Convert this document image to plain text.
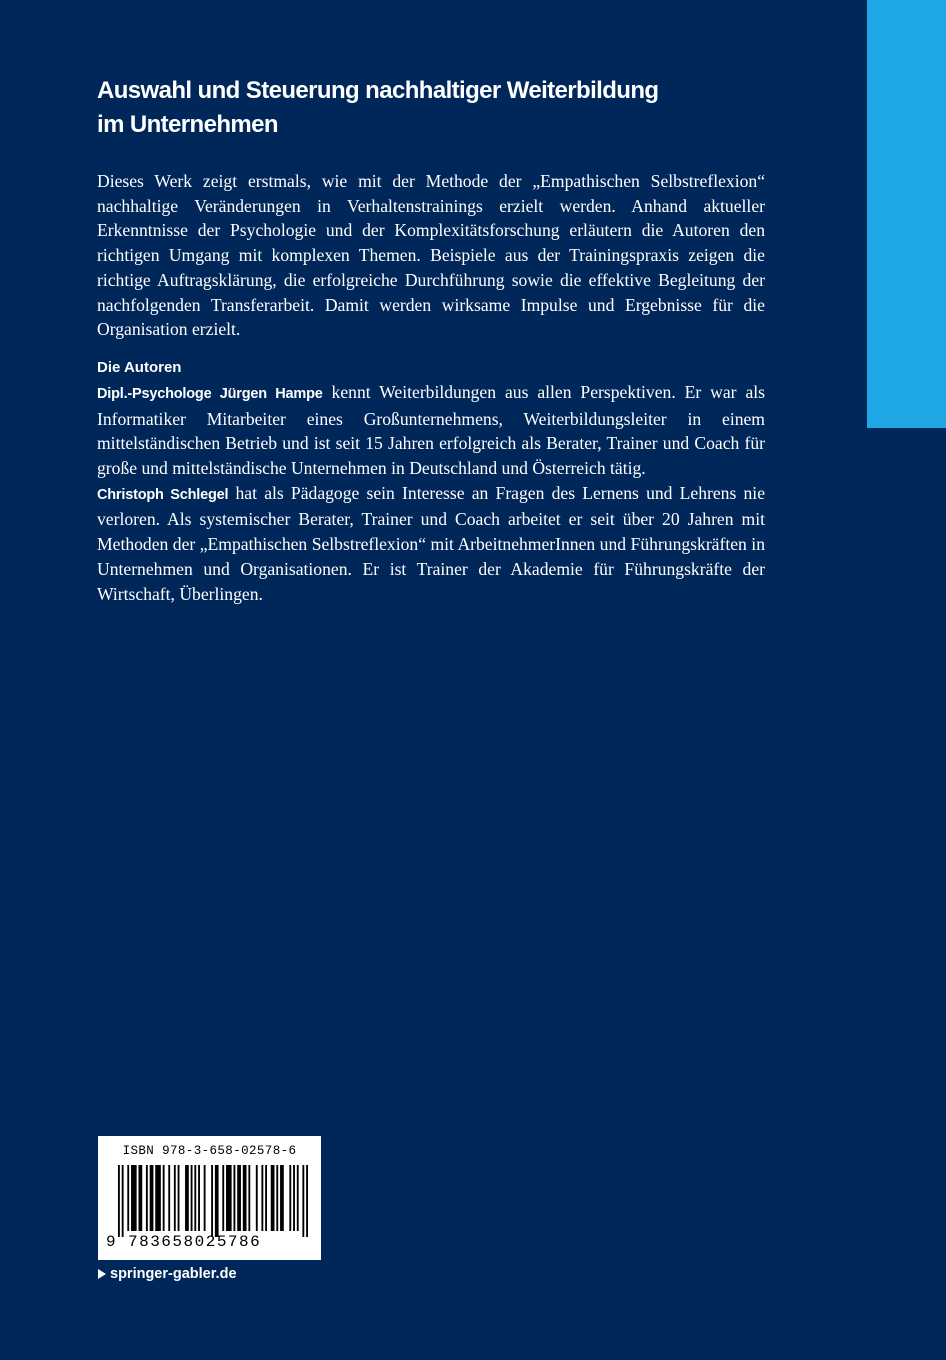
Auswahl und Steuerung nachhaltiger Weiterbildung
im Unternehmen

Dieses Werk zeigt erstmals, wie mit der Methode der „Empathischen Selbstreflexion“ nachhaltige Veränderungen in Verhaltenstrainings erzielt werden. Anhand aktueller Erkenntnisse der Psychologie und der Komplexitätsforschung erläutern die Autoren den richtigen Umgang mit komplexen Themen. Beispiele aus der Trainingspraxis zeigen die richtige Auftragsklärung, die erfolgreiche Durchführung sowie die effektive Begleitung der nachfolgenden Transferarbeit. Damit werden wirksame Impulse und Ergebnisse für die Organisation erzielt.

Die Autoren

Dipl.-Psychologe Jürgen Hampe kennt Weiterbildungen aus allen Perspektiven. Er war als Informatiker Mitarbeiter eines Großunternehmens, Weiterbildungsleiter in einem mittelständischen Betrieb und ist seit 15 Jahren erfolgreich als Berater, Trainer und Coach für große und mittelständische Unternehmen in Deutschland und Österreich tätig.

Christoph Schlegel hat als Pädagoge sein Interesse an Fragen des Lernens und Lehrens nie verloren. Als systemischer Berater, Trainer und Coach arbeitet er seit über 20 Jahren mit Methoden der „Empathischen Selbstreflexion“ mit ArbeitnehmerInnen und Führungskräften in Unternehmen und Organisationen. Er ist Trainer der Akademie für Führungskräfte der Wirtschaft, Überlingen.

ISBN 978-3-658-02578-6
9 783658025786
springer-gabler.de
